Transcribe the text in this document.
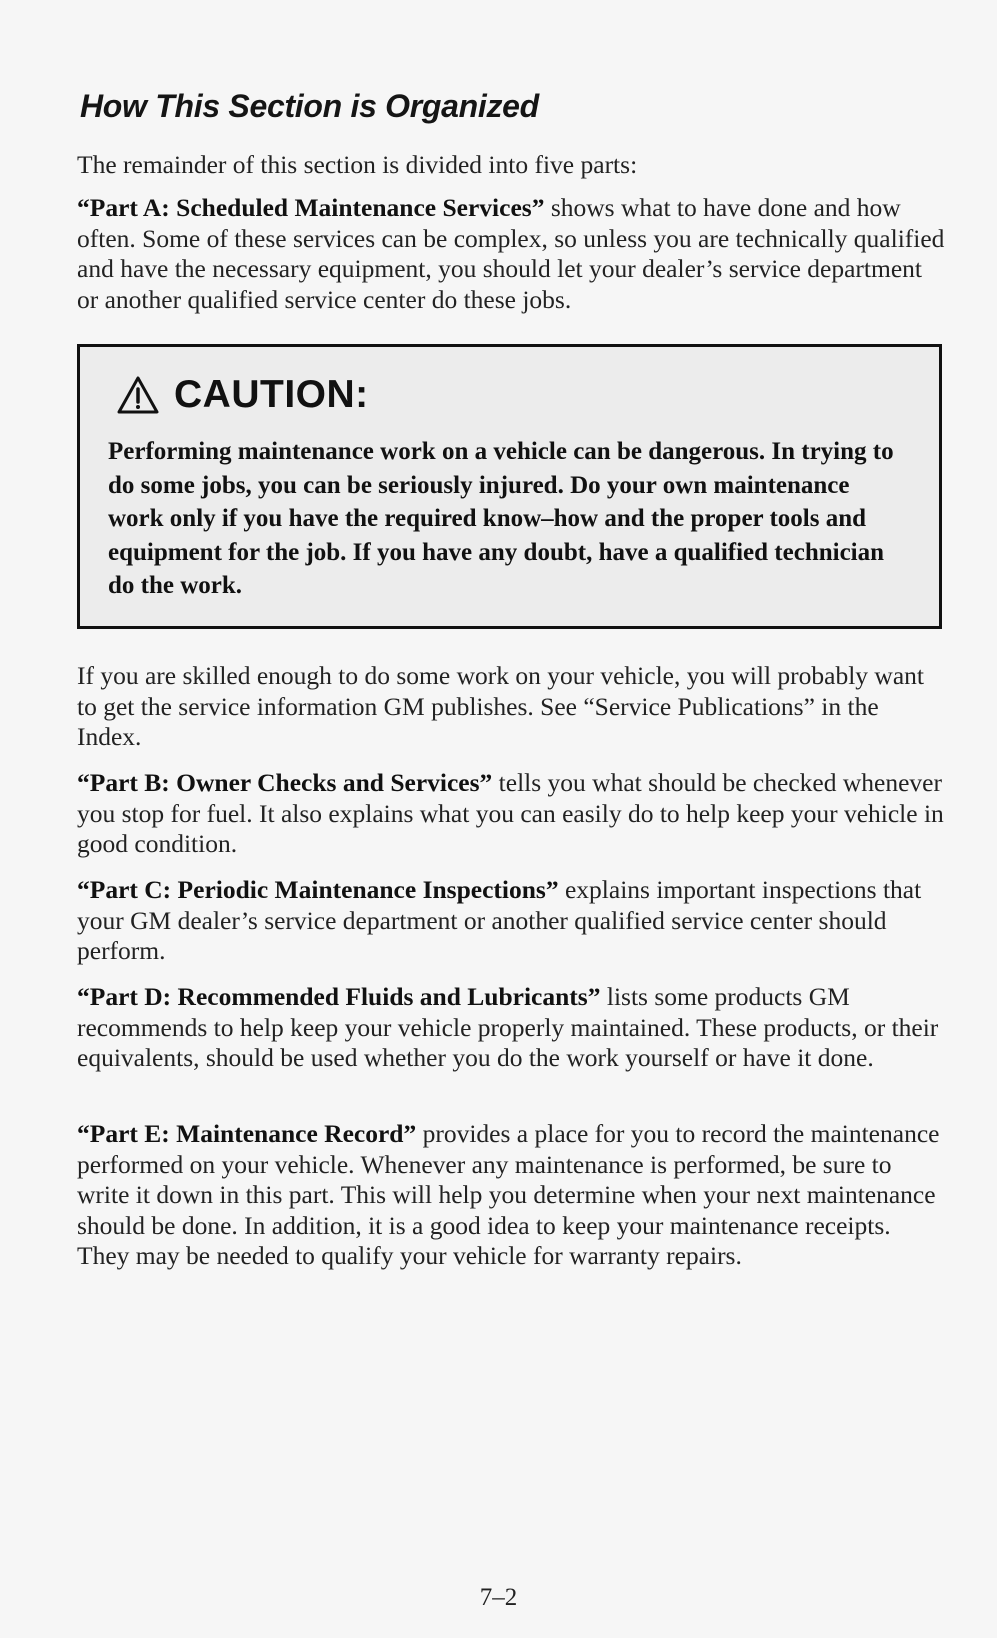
How This Section is Organized

The remainder of this section is divided into five parts:

“Part A: Scheduled Maintenance Services” shows what to have done and how often. Some of these services can be complex, so unless you are technically qualified and have the necessary equipment, you should let your dealer’s service department or another qualified service center do these jobs.

CAUTION:

Performing maintenance work on a vehicle can be dangerous. In trying to do some jobs, you can be seriously injured. Do your own maintenance work only if you have the required know–how and the proper tools and equipment for the job. If you have any doubt, have a qualified technician do the work.

If you are skilled enough to do some work on your vehicle, you will probably want to get the service information GM publishes. See “Service Publications” in the Index.

“Part B: Owner Checks and Services” tells you what should be checked whenever you stop for fuel. It also explains what you can easily do to help keep your vehicle in good condition.

“Part C: Periodic Maintenance Inspections” explains important inspections that your GM dealer’s service department or another qualified service center should perform.

“Part D: Recommended Fluids and Lubricants” lists some products GM recommends to help keep your vehicle properly maintained. These products, or their equivalents, should be used whether you do the work yourself or have it done.

“Part E: Maintenance Record” provides a place for you to record the maintenance performed on your vehicle. Whenever any maintenance is performed, be sure to write it down in this part. This will help you determine when your next maintenance should be done. In addition, it is a good idea to keep your maintenance receipts. They may be needed to qualify your vehicle for warranty repairs.

7–2
